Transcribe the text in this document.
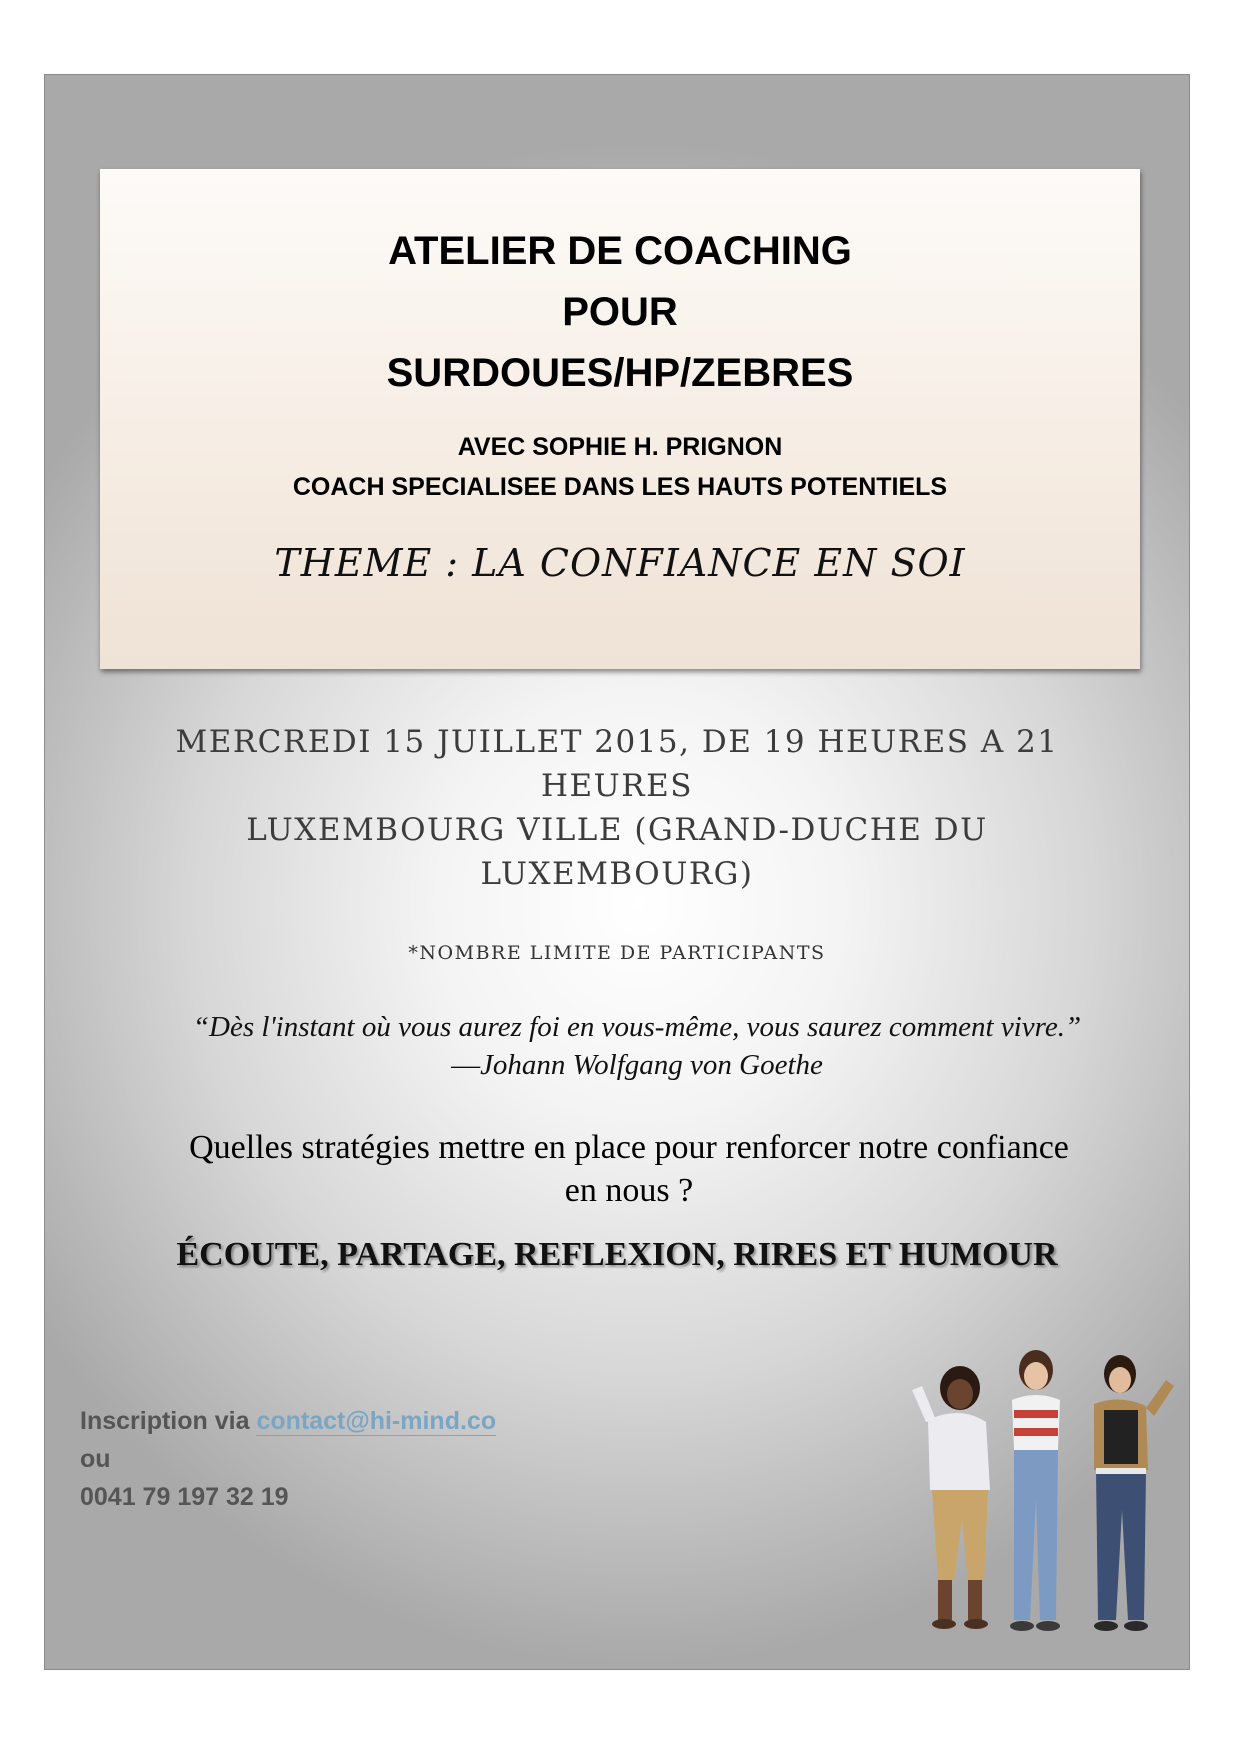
ATELIER DE COACHING
POUR
SURDOUES/HP/ZEBRES
AVEC SOPHIE H. PRIGNON
COACH SPECIALISEE DANS LES HAUTS POTENTIELS
THEME : LA CONFIANCE EN SOI
MERCREDI 15 JUILLET 2015, DE 19 HEURES A 21
HEURES
LUXEMBOURG VILLE (GRAND-DUCHE DU
LUXEMBOURG)
*NOMBRE LIMITE DE PARTICIPANTS
“Dès l'instant où vous aurez foi en vous-même, vous saurez comment vivre.”
―Johann Wolfgang von Goethe
Quelles stratégies mettre en place pour renforcer notre confiance
en nous ?
ÉCOUTE, PARTAGE, REFLEXION, RIRES ET HUMOUR
Inscription via contact@hi-mind.co
ou
0041 79 197 32 19
